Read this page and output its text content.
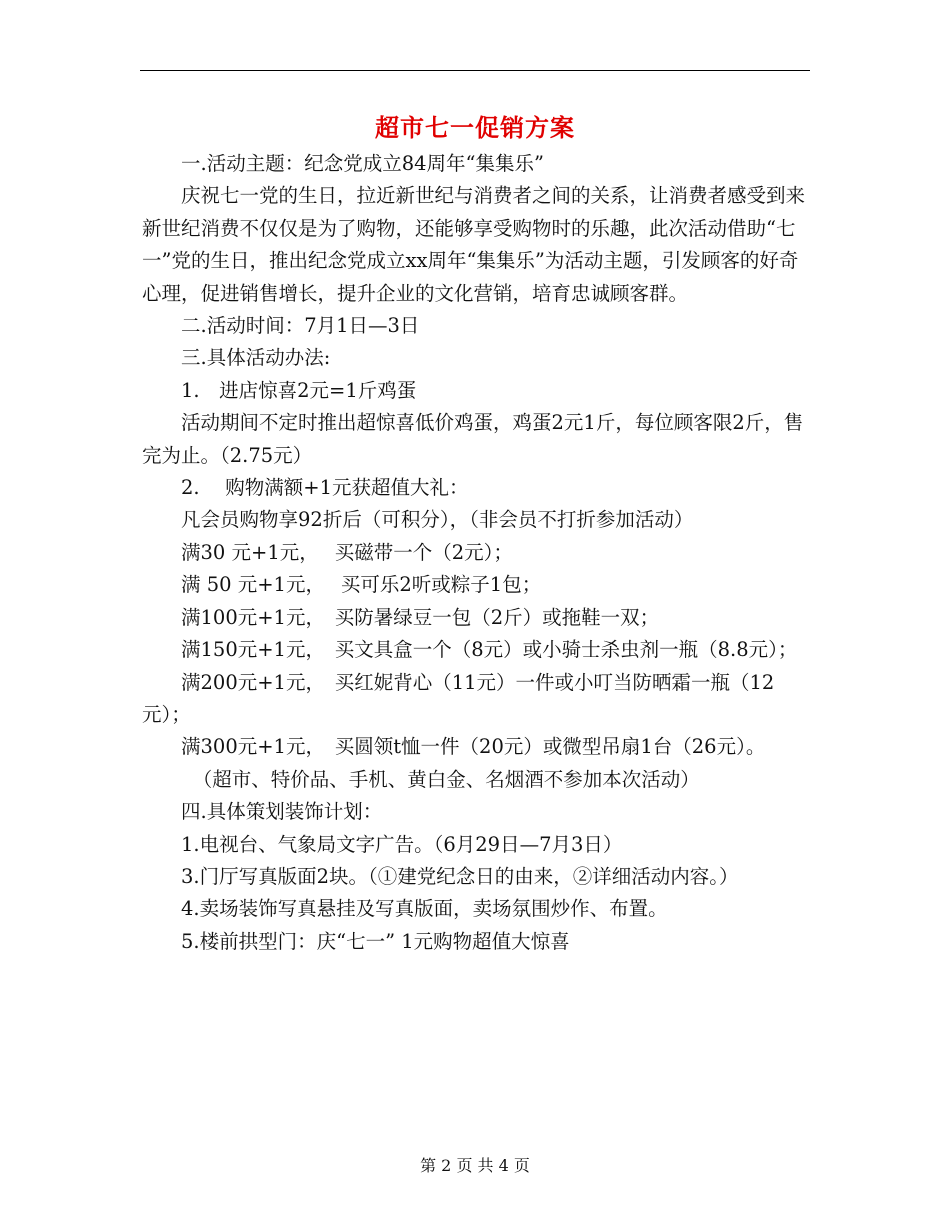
超市七一促销方案

一.活动主题：纪念党成立84周年“集集乐”

庆祝七一党的生日，拉近新世纪与消费者之间的关系，让消费者感受到来新世纪消费不仅仅是为了购物，还能够享受购物时的乐趣，此次活动借助“七一”党的生日，推出纪念党成立xx周年“集集乐”为活动主题，引发顾客的好奇心理，促进销售增长，提升企业的文化营销，培育忠诚顾客群。

二.活动时间：7月1日—3日

三.具体活动办法:

1.　进店惊喜2元=1斤鸡蛋

活动期间不定时推出超惊喜低价鸡蛋，鸡蛋2元1斤，每位顾客限2斤，售完为止。（2.75元）

2.　 购物满额+1元获超值大礼：

凡会员购物享92折后（可积分），（非会员不打折参加活动）

满30 元+1元，　 买磁带一个（2元）；

满 50 元+1元，　 买可乐2听或粽子1包；

满100元+1元，　买防暑绿豆一包（2斤）或拖鞋一双；

满150元+1元，　买文具盒一个（8元）或小骑士杀虫剂一瓶（8.8元）；

满200元+1元，　买红妮背心（11元）一件或小叮当防晒霜一瓶（12元）；

满300元+1元，　买圆领t恤一件（20元）或微型吊扇1台（26元）。

（超市、特价品、手机、黄白金、名烟酒不参加本次活动）

四.具体策划装饰计划：

1.电视台、气象局文字广告。（6月29日—7月3日）

3.门厅写真版面2块。（①建党纪念日的由来，②详细活动内容。）

4.卖场装饰写真悬挂及写真版面，卖场氛围炒作、布置。

5.楼前拱型门：庆“七一” 1元购物超值大惊喜

第 2 页 共 4 页
